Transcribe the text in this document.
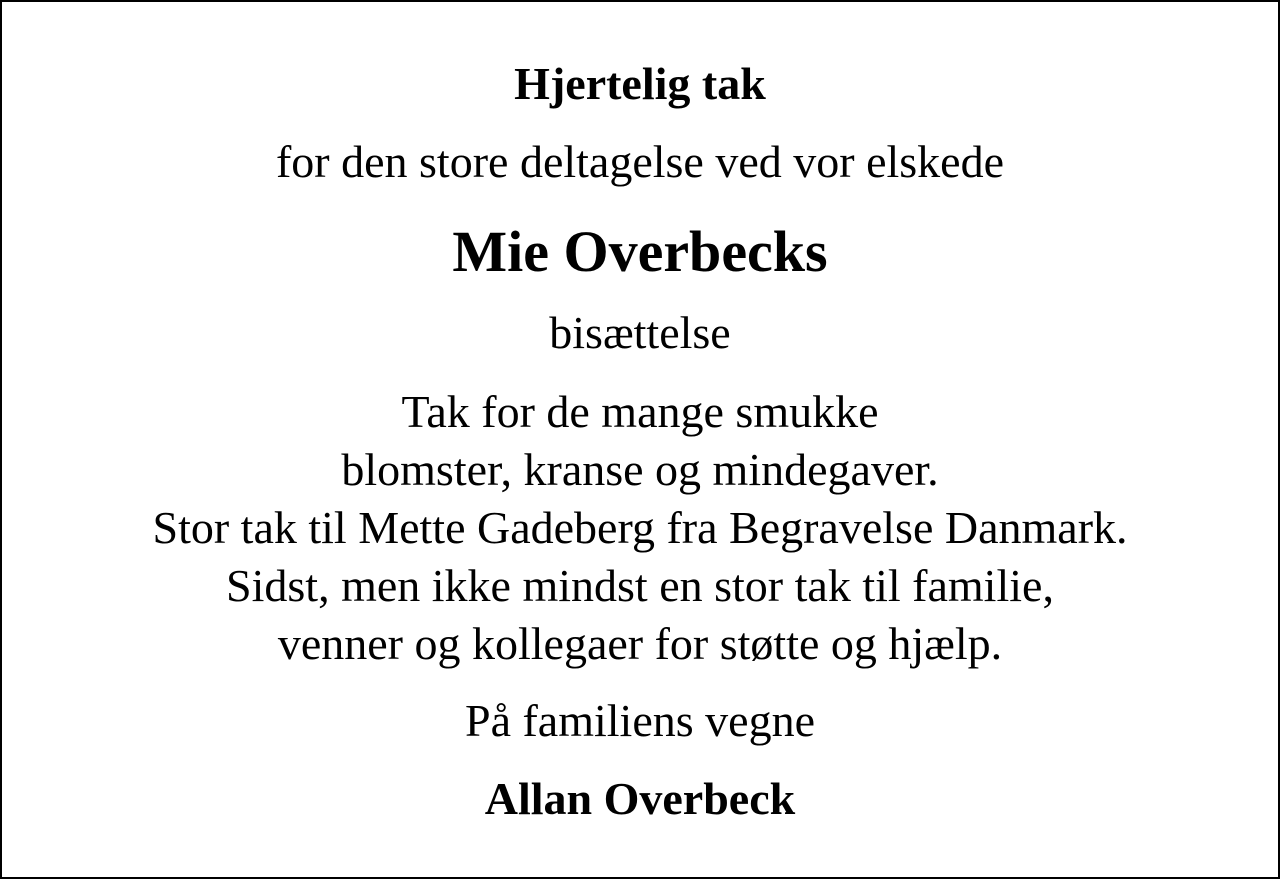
Hjertelig tak
for den store deltagelse ved vor elskede
Mie Overbecks
bisættelse
Tak for de mange smukke
blomster, kranse og mindegaver.
Stor tak til Mette Gadeberg fra Begravelse Danmark.
Sidst, men ikke mindst en stor tak til familie,
venner og kollegaer for støtte og hjælp.
På familiens vegne
Allan Overbeck
